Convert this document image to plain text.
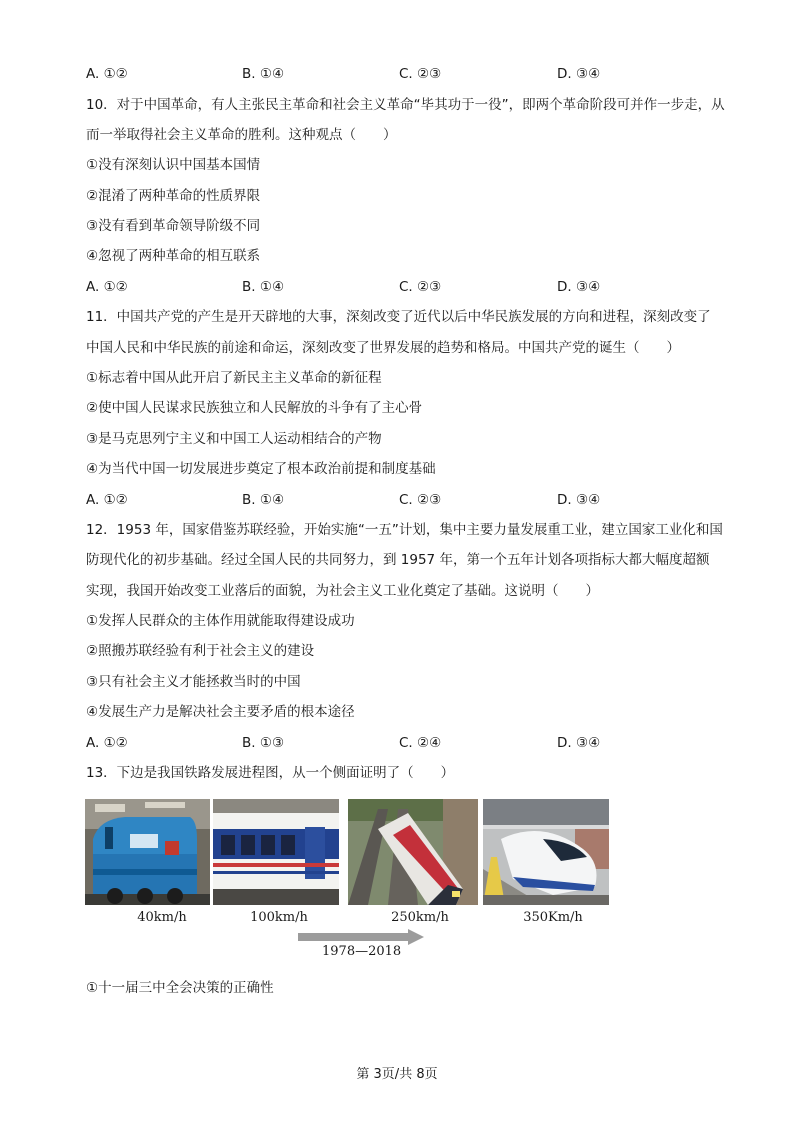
A. ①②	B. ①④	C. ②③	D. ③④
10．对于中国革命，有人主张民主革命和社会主义革命“毕其功于一役”，即两个革命阶段可并作一步走，从
而一举取得社会主义革命的胜利。这种观点（　　）
①没有深刻认识中国基本国情
②混淆了两种革命的性质界限
③没有看到革命领导阶级不同
④忽视了两种革命的相互联系
A. ①②	B. ①④	C. ②③	D. ③④
11．中国共产党的产生是开天辟地的大事，深刻改变了近代以后中华民族发展的方向和进程，深刻改变了
中国人民和中华民族的前途和命运，深刻改变了世界发展的趋势和格局。中国共产党的诞生（　　）
①标志着中国从此开启了新民主主义革命的新征程
②使中国人民谋求民族独立和人民解放的斗争有了主心骨
③是马克思列宁主义和中国工人运动相结合的产物
④为当代中国一切发展进步奠定了根本政治前提和制度基础
A. ①②	B. ①④	C. ②③	D. ③④
12．1953 年，国家借鉴苏联经验，开始实施“一五”计划，集中主要力量发展重工业，建立国家工业化和国
防现代化的初步基础。经过全国人民的共同努力，到 1957 年，第一个五年计划各项指标大都大幅度超额
实现，我国开始改变工业落后的面貌，为社会主义工业化奠定了基础。这说明（　　）
①发挥人民群众的主体作用就能取得建设成功
②照搬苏联经验有利于社会主义的建设
③只有社会主义才能拯救当时的中国
④发展生产力是解决社会主要矛盾的根本途径
A. ①②	B. ①③	C. ②④	D. ③④
13．下边是我国铁路发展进程图，从一个侧面证明了（　　）
40km/h	100km/h	250km/h	350Km/h
1978—2018
①十一届三中全会决策的正确性
第 3页/共 8页
